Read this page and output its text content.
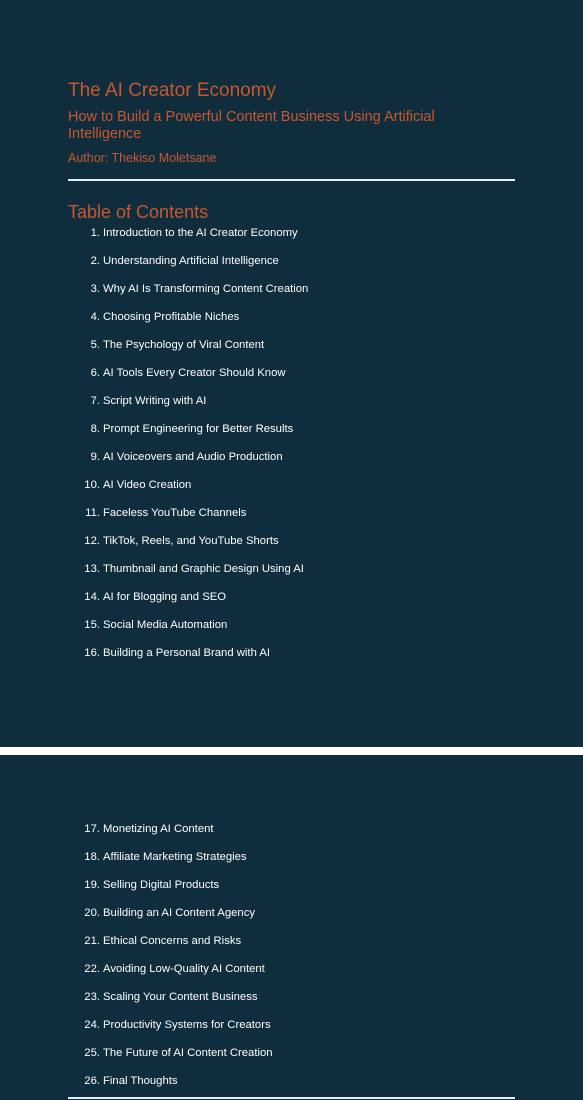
The AI Creator Economy
How to Build a Powerful Content Business Using Artificial Intelligence

Author: Thekiso Moletsane

Table of Contents
1. Introduction to the AI Creator Economy
2. Understanding Artificial Intelligence
3. Why AI Is Transforming Content Creation
4. Choosing Profitable Niches
5. The Psychology of Viral Content
6. AI Tools Every Creator Should Know
7. Script Writing with AI
8. Prompt Engineering for Better Results
9. AI Voiceovers and Audio Production
10. AI Video Creation
11. Faceless YouTube Channels
12. TikTok, Reels, and YouTube Shorts
13. Thumbnail and Graphic Design Using AI
14. AI for Blogging and SEO
15. Social Media Automation
16. Building a Personal Brand with AI
17. Monetizing AI Content
18. Affiliate Marketing Strategies
19. Selling Digital Products
20. Building an AI Content Agency
21. Ethical Concerns and Risks
22. Avoiding Low-Quality AI Content
23. Scaling Your Content Business
24. Productivity Systems for Creators
25. The Future of AI Content Creation
26. Final Thoughts
